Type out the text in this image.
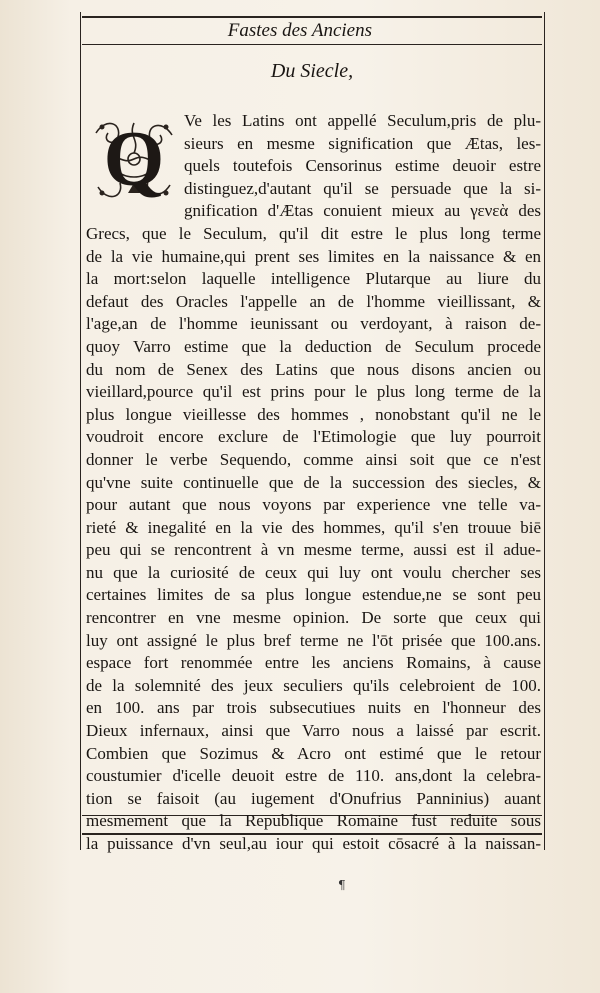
Fastes des Anciens
Du Siecle,
Q	Ve les Latins ont appellé Seculum,pris de plu-
sieurs en mesme signification que Ætas, les-
quels toutefois Censorinus estime deuoir estre
distinguez,d'autant qu'il se persuade que la si-
gnification d'Ætas conuient mieux au γενεὰ des
Grecs, que le Seculum, qu'il dit estre le plus long terme
de la vie humaine,qui prent ses limites en la naissance & en
la mort:selon laquelle intelligence Plutarque au liure du
defaut des Oracles l'appelle an de l'homme vieillissant, &
l'age,an de l'homme ieunissant ou verdoyant, à raison de-
quoy Varro estime que la deduction de Seculum procede
du nom de Senex des Latins que nous disons ancien ou
vieillard,pource qu'il est prins pour le plus long terme de la
plus longue vieillesse des hommes , nonobstant qu'il ne le
voudroit encore exclure de l'Etimologie que luy pourroit
donner le verbe Sequendo, comme ainsi soit que ce n'est
qu'vne suite continuelle que de la succession des siecles, &
pour autant que nous voyons par experience vne telle va-
rieté & inegalité en la vie des hommes, qu'il s'en trouue biē
peu qui se rencontrent à vn mesme terme, aussi est il adue-
nu que la curiosité de ceux qui luy ont voulu chercher ses
certaines limites de sa plus longue estendue,ne se sont peu
rencontrer en vne mesme opinion. De sorte que ceux qui
luy ont assigné le plus bref terme ne l'ōt prisée que 100.ans.
espace fort renommée entre les anciens Romains, à cause
de la solemnité des jeux seculiers qu'ils celebroient de 100.
en 100. ans par trois subsecutiues nuits en l'honneur des
Dieux infernaux, ainsi que Varro nous a laissé par escrit.
Combien que Sozimus & Acro ont estimé que le retour
coustumier d'icelle deuoit estre de 110. ans,dont la celebra-
tion se faisoit (au iugement d'Onufrius Panninius) auant
mesmement que la Republique Romaine fust reduite sous
la puissance d'vn seul,au iour qui estoit cōsacré à la naissan-
¶
